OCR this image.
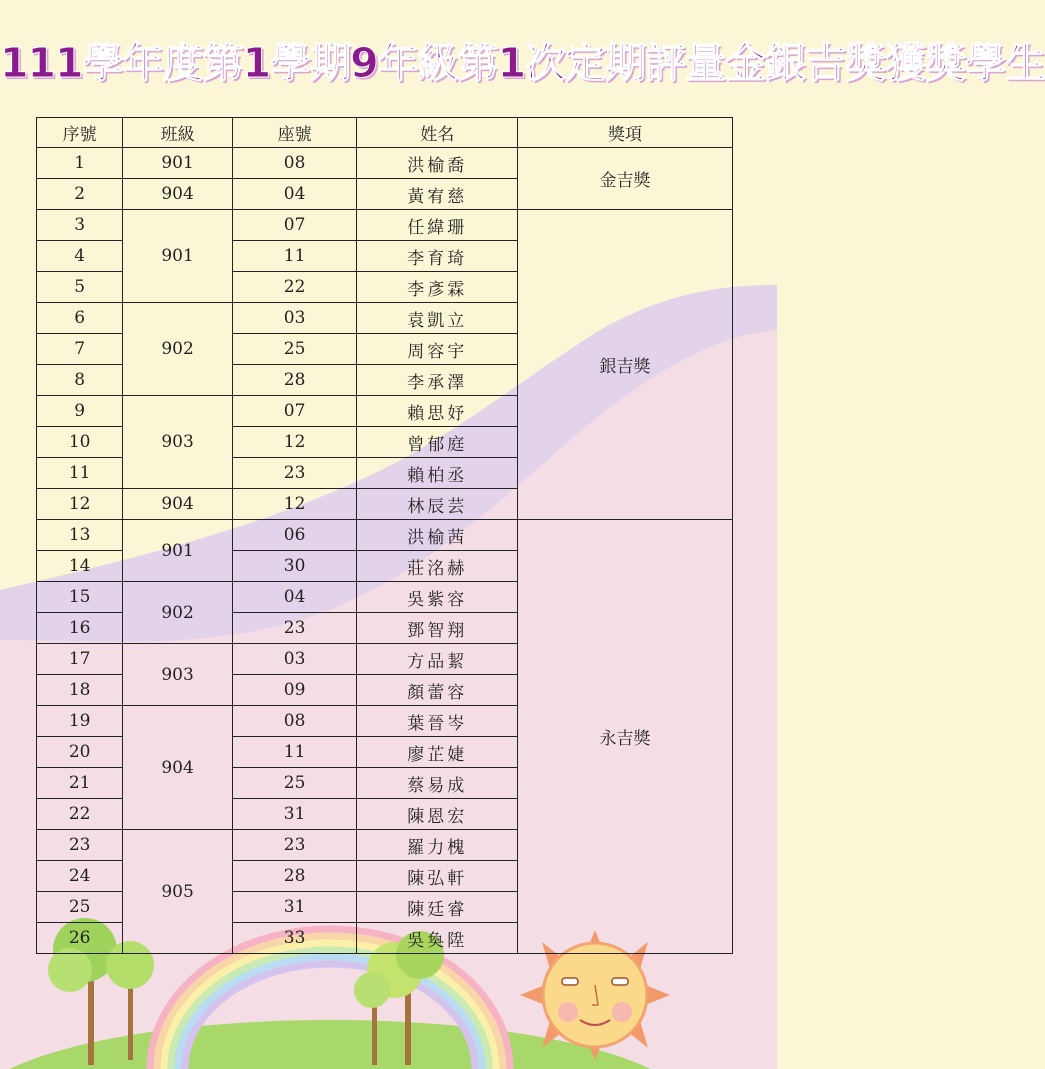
111學年度第1學期9年級第1次定期評量金銀吉獎獲獎學生
序號	班級	座號	姓名	獎項
1	901	08	洪榆喬	金吉獎
2	904	04	黃宥慈	
3	901	07	任緯珊	銀吉獎
4		11	李育琦	
5		22	李彥霖	
6	902	03	袁凱立	
7		25	周容宇	
8		28	李承澤	
9	903	07	賴思妤	
10		12	曾郁庭	
11		23	賴柏丞	
12	904	12	林辰芸	
13	901	06	洪榆茜	永吉獎
14		30	莊洺赫	
15	902	04	吳紫容	
16		23	鄧智翔	
17	903	03	方品絜	
18		09	顏蕾容	
19	904	08	葉晉岑	
20		11	廖芷婕	
21		25	蔡易成	
22		31	陳恩宏	
23	905	23	羅力槐	
24		28	陳弘軒	
25		31	陳廷睿	
26		33	吳奐陞	
